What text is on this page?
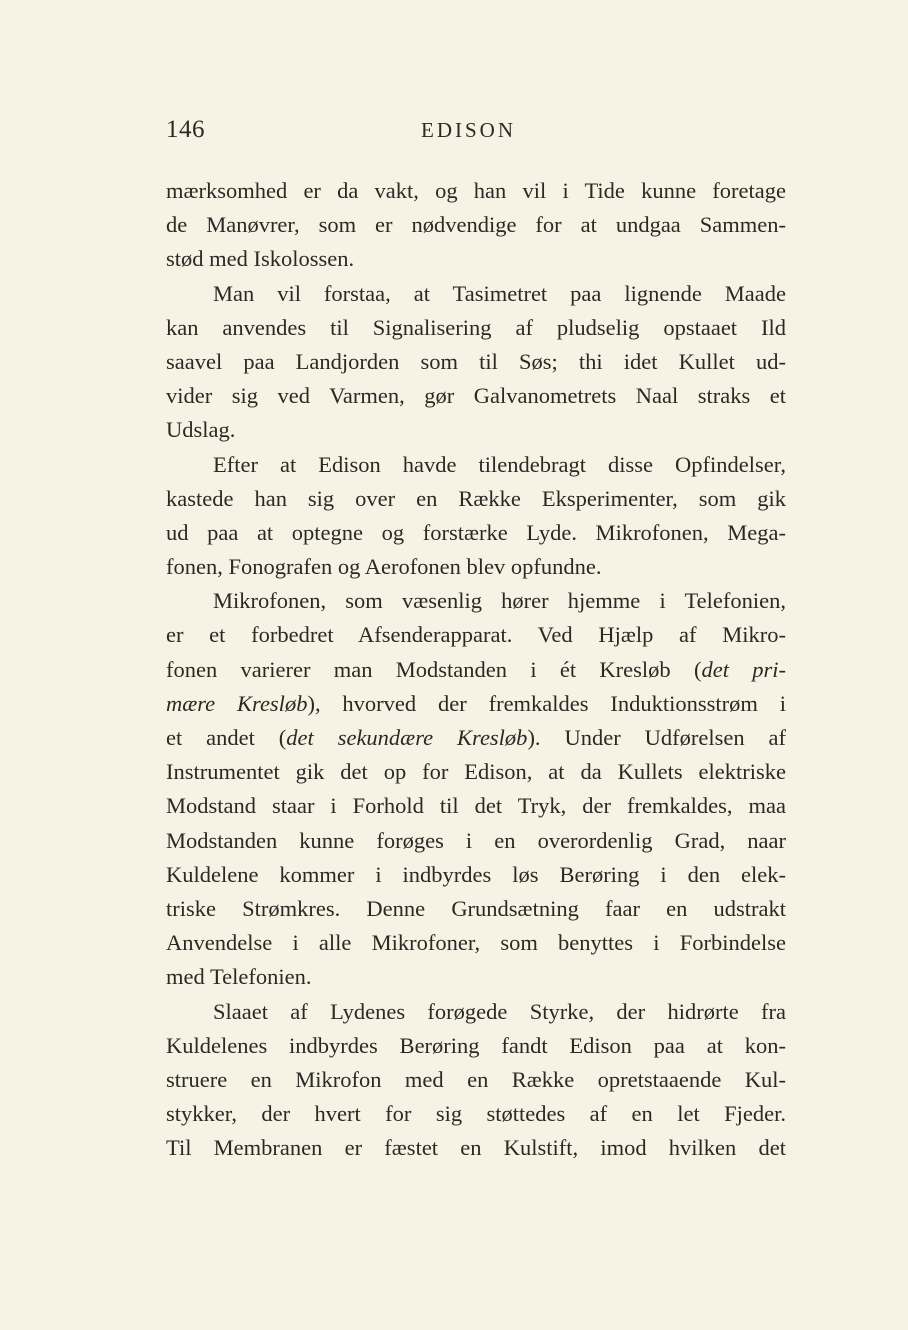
146	EDISON
mærksomhed er da vakt, og han vil i Tide kunne foretage
de Manøvrer, som er nødvendige for at undgaa Sammen-
stød med Iskolossen.
Man vil forstaa, at Tasimetret paa lignende Maade
kan anvendes til Signalisering af pludselig opstaaet Ild
saavel paa Landjorden som til Søs; thi idet Kullet ud-
vider sig ved Varmen, gør Galvanometrets Naal straks et
Udslag.
Efter at Edison havde tilendebragt disse Opfindelser,
kastede han sig over en Række Eksperimenter, som gik
ud paa at optegne og forstærke Lyde. Mikrofonen, Mega-
fonen, Fonografen og Aerofonen blev opfundne.
Mikrofonen, som væsenlig hører hjemme i Telefonien,
er et forbedret Afsenderapparat. Ved Hjælp af Mikro-
fonen varierer man Modstanden i ét Kresløb (det pri-
mære Kresløb), hvorved der fremkaldes Induktionsstrøm i
et andet (det sekundære Kresløb). Under Udførelsen af
Instrumentet gik det op for Edison, at da Kullets elektriske
Modstand staar i Forhold til det Tryk, der fremkaldes, maa
Modstanden kunne forøges i en overordenlig Grad, naar
Kuldelene kommer i indbyrdes løs Berøring i den elek-
triske Strømkres. Denne Grundsætning faar en udstrakt
Anvendelse i alle Mikrofoner, som benyttes i Forbindelse
med Telefonien.
Slaaet af Lydenes forøgede Styrke, der hidrørte fra
Kuldelenes indbyrdes Berøring fandt Edison paa at kon-
struere en Mikrofon med en Række opretstaaende Kul-
stykker, der hvert for sig støttedes af en let Fjeder.
Til Membranen er fæstet en Kulstift, imod hvilken det
